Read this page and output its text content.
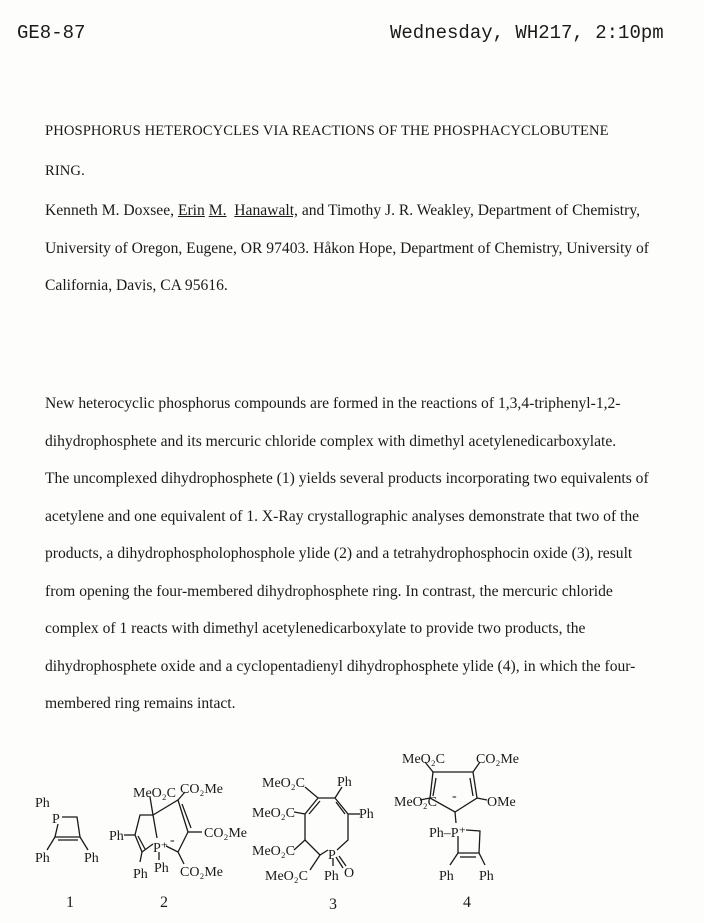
GE8-87	Wednesday, WH217, 2:10pm
PHOSPHORUS HETEROCYCLES VIA REACTIONS OF THE PHOSPHACYCLOBUTENE
RING.
Kenneth M. Doxsee, Erin M. Hanawalt, and Timothy J. R. Weakley, Department of Chemistry,
University of Oregon, Eugene, OR 97403. Håkon Hope, Department of Chemistry, University of
California, Davis, CA 95616.
New heterocyclic phosphorus compounds are formed in the reactions of 1,3,4-triphenyl-1,2-
dihydrophosphete and its mercuric chloride complex with dimethyl acetylenedicarboxylate.
The uncomplexed dihydrophosphete (1) yields several products incorporating two equivalents of
acetylene and one equivalent of 1. X-Ray crystallographic analyses demonstrate that two of the
products, a dihydrophospholophosphole ylide (2) and a tetrahydrophosphocin oxide (3), result
from opening the four-membered dihydrophosphete ring. In contrast, the mercuric chloride
complex of 1 reacts with dimethyl acetylenedicarboxylate to provide two products, the
dihydrophosphete oxide and a cyclopentadienyl dihydrophosphete ylide (4), in which the four-
membered ring remains intact.
Ph
P
Ph Ph
1
MeO₂C CO₂Me
CO₂Me
CO₂Me
Ph
Ph
P⁺
-
Ph
2
MeO₂C
MeO₂C
MeO₂C
MeO₂C
Ph
Ph
P
O
Ph
3
MeO₂C CO₂Me
MeO₂C	OMe
-
Ph–P⁺
Ph Ph
4
